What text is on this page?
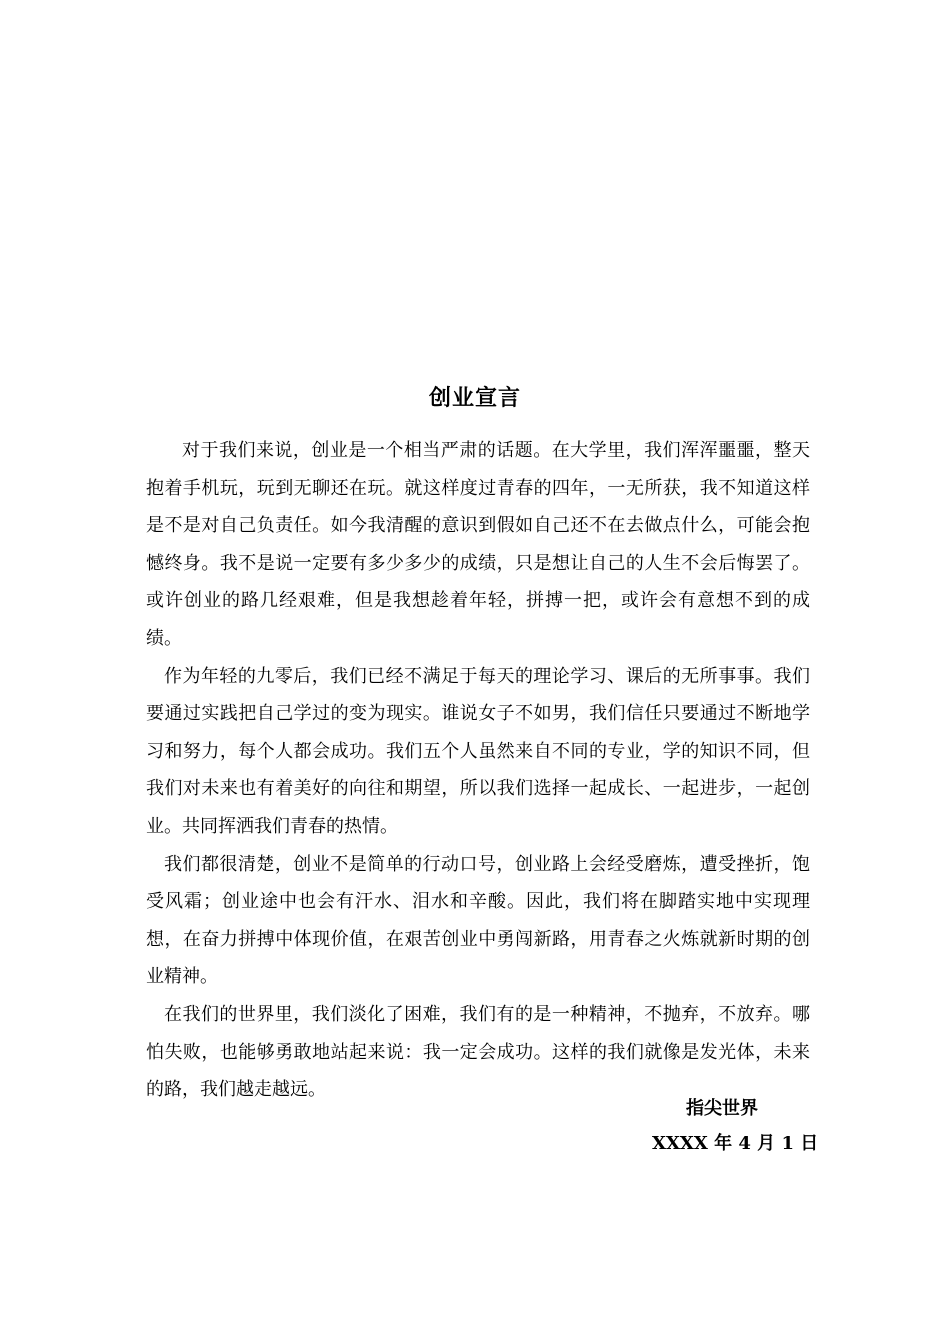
创业宣言

对于我们来说，创业是一个相当严肃的话题。在大学里，我们浑浑噩噩，整天抱着手机玩，玩到无聊还在玩。就这样度过青春的四年，一无所获，我不知道这样是不是对自己负责任。如今我清醒的意识到假如自己还不在去做点什么，可能会抱憾终身。我不是说一定要有多少多少的成绩，只是想让自己的人生不会后悔罢了。或许创业的路几经艰难，但是我想趁着年轻，拼搏一把，或许会有意想不到的成绩。

作为年轻的九零后，我们已经不满足于每天的理论学习、课后的无所事事。我们要通过实践把自己学过的变为现实。谁说女子不如男，我们信任只要通过不断地学习和努力，每个人都会成功。我们五个人虽然来自不同的专业，学的知识不同，但我们对未来也有着美好的向往和期望，所以我们选择一起成长、一起进步，一起创业。共同挥洒我们青春的热情。

我们都很清楚，创业不是简单的行动口号，创业路上会经受磨炼，遭受挫折，饱受风霜；创业途中也会有汗水、泪水和辛酸。因此，我们将在脚踏实地中实现理想，在奋力拼搏中体现价值，在艰苦创业中勇闯新路，用青春之火炼就新时期的创业精神。

在我们的世界里，我们淡化了困难，我们有的是一种精神，不抛弃，不放弃。哪怕失败，也能够勇敢地站起来说：我一定会成功。这样的我们就像是发光体，未来的路，我们越走越远。

指尖世界
XXXX 年 4 月 1 日
